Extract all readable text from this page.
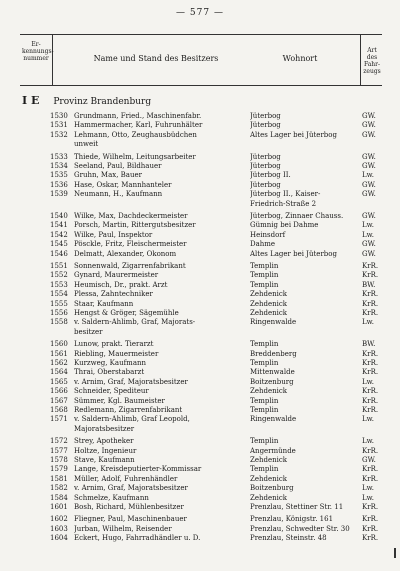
— 577 —
Er-kennungs-nummer	Name und Stand des Besitzers	Wohnort
Art des Fahr-zeugs
I E Provinz Brandenburg
1530 Grundmann, Fried., Maschinenfabr.	Jüterbog	GW.
1531 Hammermacher, Karl, Fuhrunhälter	Jüterbog	GW.
1532 Lehmann, Otto, Zeughausbüdchen	Altes Lager bei Jüterbog	GW.
unweit
1533 Thiede, Wilhelm, Leitungsarbeiter	Jüterbog	GW.
1534 Seeland, Paul, Bildhauer	Jüterbog	GW.
1535 Gruhn, Max, Bauer	Jüterbog II.	Lw.
1536 Hase, Oskar, Mannhanteler	Jüterbog	GW.
1539 Neumann, H., Kaufmann	Jüterbog II., Kaiser-	GW.
Friedrich-Straße 2
1540 Wilke, Max, Dachdeckermeister	Jüterbog, Zinnaer Chauss.	GW.
1541 Porsch, Martin, Rittergutsbesitzer	Gümnig bei Dahme	Lw.
1542 Wilke, Paul, Inspektor	Heinsdorf	Lw.
1545 Pösckle, Fritz, Fleischermeister	Dahme	GW.
1546 Delmatt, Alexander, Ökonom	Altes Lager bei Jüterbog	GW.
1551 Sonnenwald, Zigarrenfabrikant	Templin	KrR.
1552 Gynard, Maurermeister	Templin	KrR.
1553 Heumisch, Dr., prakt. Arzt	Templin	BW.
1554 Plessa, Zahntechniker	Zehdenick	KrR.
1555 Staar, Kaufmann	Zehdenick	KrR.
1556 Hengst & Gröger, Sägemühle	Zehdenick	KrR.
1558 v. Saldern-Ahlimb, Graf, Majorats-	Ringenwalde	Lw.
besitzer
1560 Lunow, prakt. Tierarzt	Templin	BW.
1561 Riebling, Mauermeister	Breddenberg	KrR.
1562 Kurzweg, Kaufmann	Templin	KrR.
1564 Thrai, Oberstabarzt	Mittenwalde	KrR.
1565 v. Arnim, Graf, Majoratsbesitzer	Boitzenburg	Lw.
1566 Schneider, Spediteur	Zehdenick	KrR.
1567 Sümmer, Kgl. Baumeister	Templin	KrR.
1568 Redlemann, Zigarrenfabrikant	Templin	KrR.
1571 v. Saldern-Ahlimb, Graf Leopold,	Ringenwalde	Lw.
Majoratsbesitzer
1572 Strey, Apotheker	Templin	Lw.
1577 Holtze, Ingenieur	Angermünde	KrR.
1578 Stave, Kaufmann	Zehdenick	GW.
1579 Lange, Kreisdeputierter-Kommissar	Templin	KrR.
1581 Müller, Adolf, Fuhrenhändler	Zehdenick	KrR.
1582 v. Arnim, Graf, Majoratsbesitzer	Boitzenburg	Lw.
1584 Schmelze, Kaufmann	Zehdenick	Lw.
1601 Bosh, Richard, Mühlenbesitzer	Prenzlau, Stettiner Str. 11	KrR.
1602 Fliegner, Paul, Maschinenbauer	Prenzlau, Königstr. 161	KrR.
1603 Jurban, Wilhelm, Reisender	Prenzlau, Schwedter Str. 30	KrR.
1604 Eckert, Hugo, Fahrradhändler u. D.	Prenzlau, Steinstr. 48	KrR.
